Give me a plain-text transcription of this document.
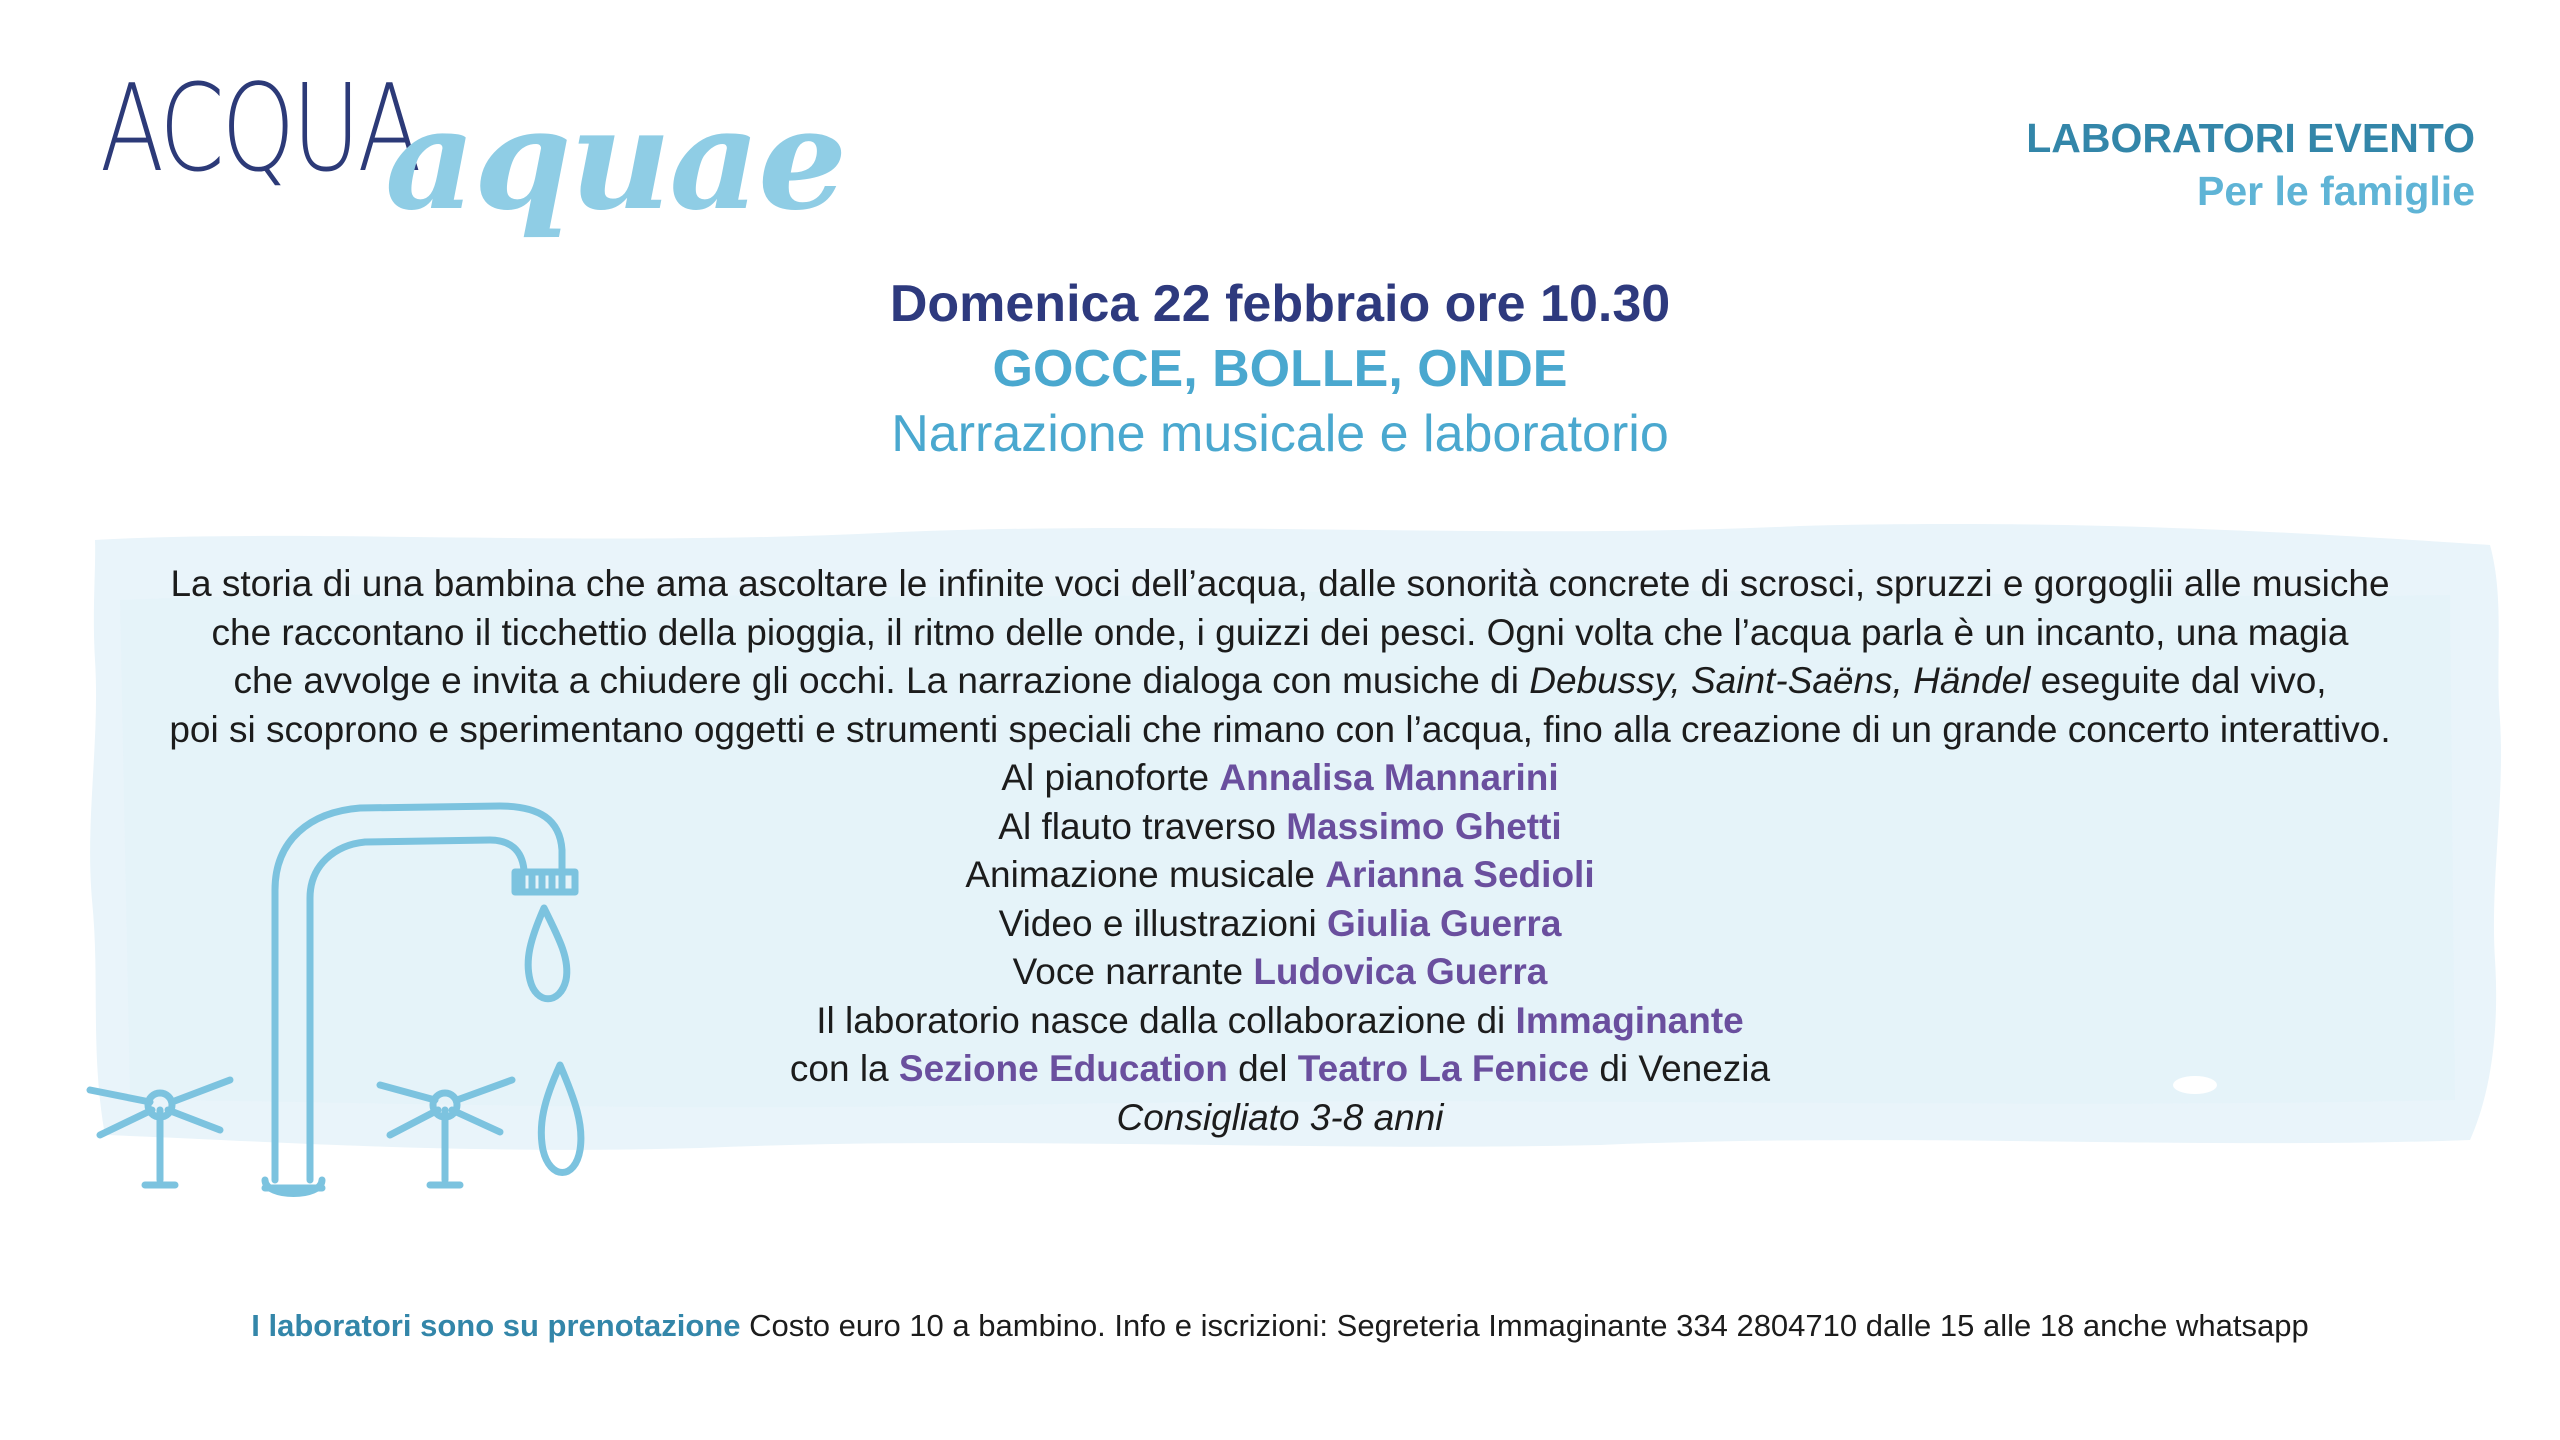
ACQUA
aquae	LABORATORI EVENTO
Per le famiglie
Domenica 22 febbraio ore 10.30
GOCCE, BOLLE, ONDE
Narrazione musicale e laboratorio
La storia di una bambina che ama ascoltare le infinite voci dell’acqua, dalle sonorità concrete di scrosci, spruzzi e gorgoglii alle musiche
che raccontano il ticchettio della pioggia, il ritmo delle onde, i guizzi dei pesci. Ogni volta che l’acqua parla è un incanto, una magia
che avvolge e invita a chiudere gli occhi. La narrazione dialoga con musiche di Debussy, Saint-Saëns, Händel eseguite dal vivo,
poi si scoprono e sperimentano oggetti e strumenti speciali che rimano con l’acqua, fino alla creazione di un grande concerto interattivo.
Al pianoforte Annalisa Mannarini
Al flauto traverso Massimo Ghetti
Animazione musicale Arianna Sedioli
Video e illustrazioni Giulia Guerra
Voce narrante Ludovica Guerra
Il laboratorio nasce dalla collaborazione di Immaginante
con la Sezione Education del Teatro La Fenice di Venezia
Consigliato 3-8 anni
I laboratori sono su prenotazione Costo euro 10 a bambino. Info e iscrizioni: Segreteria Immaginante 334 2804710 dalle 15 alle 18 anche whatsapp
